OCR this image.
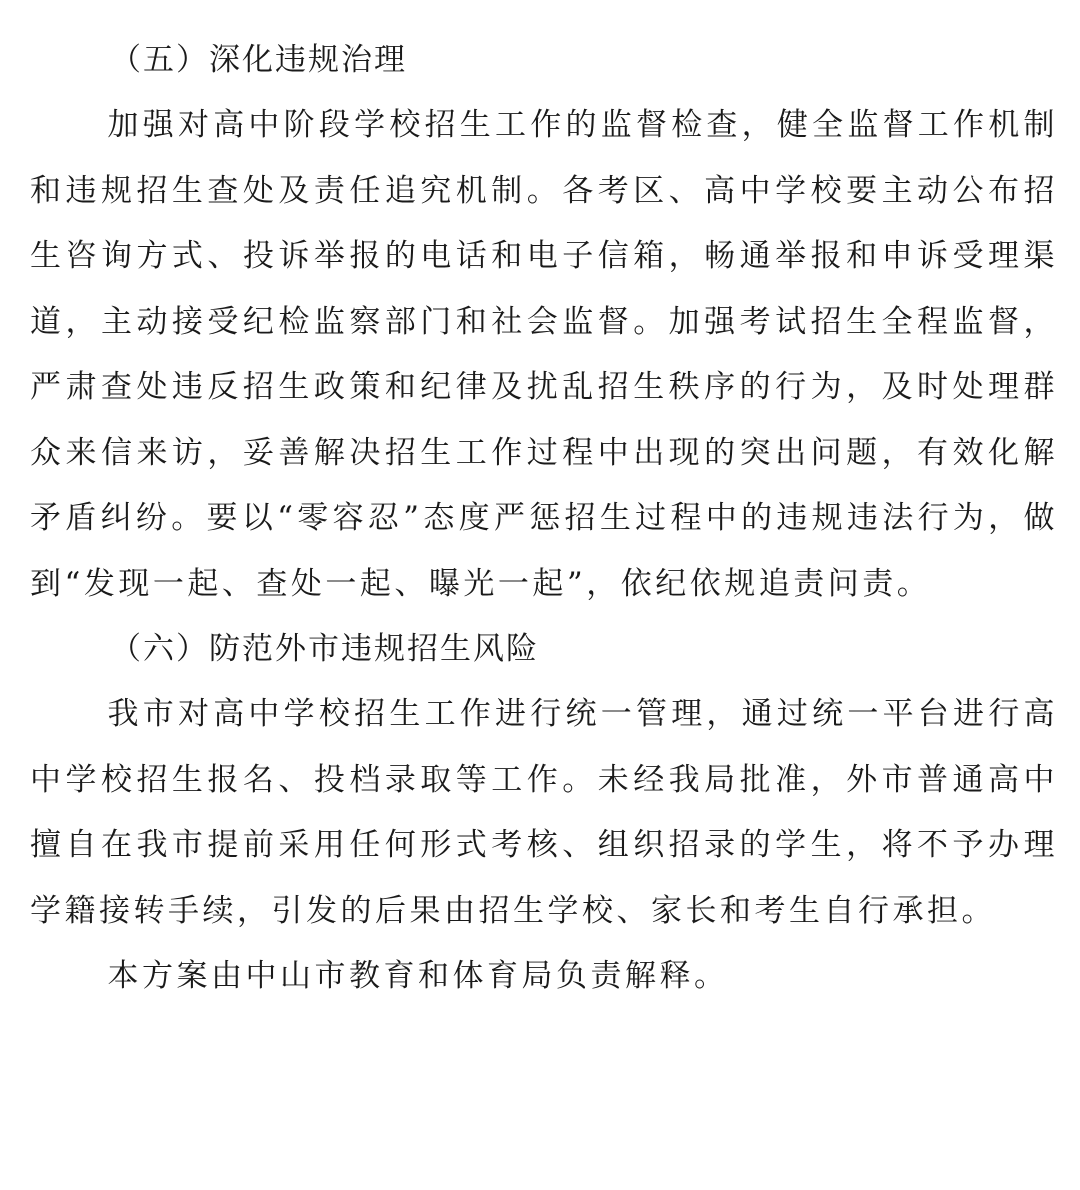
（五）深化违规治理

加强对高中阶段学校招生工作的监督检查，健全监督工作机制和违规招生查处及责任追究机制。各考区、高中学校要主动公布招生咨询方式、投诉举报的电话和电子信箱，畅通举报和申诉受理渠道，主动接受纪检监察部门和社会监督。加强考试招生全程监督，严肃查处违反招生政策和纪律及扰乱招生秩序的行为，及时处理群众来信来访，妥善解决招生工作过程中出现的突出问题，有效化解矛盾纠纷。要以“零容忍”态度严惩招生过程中的违规违法行为，做到“发现一起、查处一起、曝光一起”，依纪依规追责问责。

（六）防范外市违规招生风险

我市对高中学校招生工作进行统一管理，通过统一平台进行高中学校招生报名、投档录取等工作。未经我局批准，外市普通高中擅自在我市提前采用任何形式考核、组织招录的学生，将不予办理学籍接转手续，引发的后果由招生学校、家长和考生自行承担。

本方案由中山市教育和体育局负责解释。
